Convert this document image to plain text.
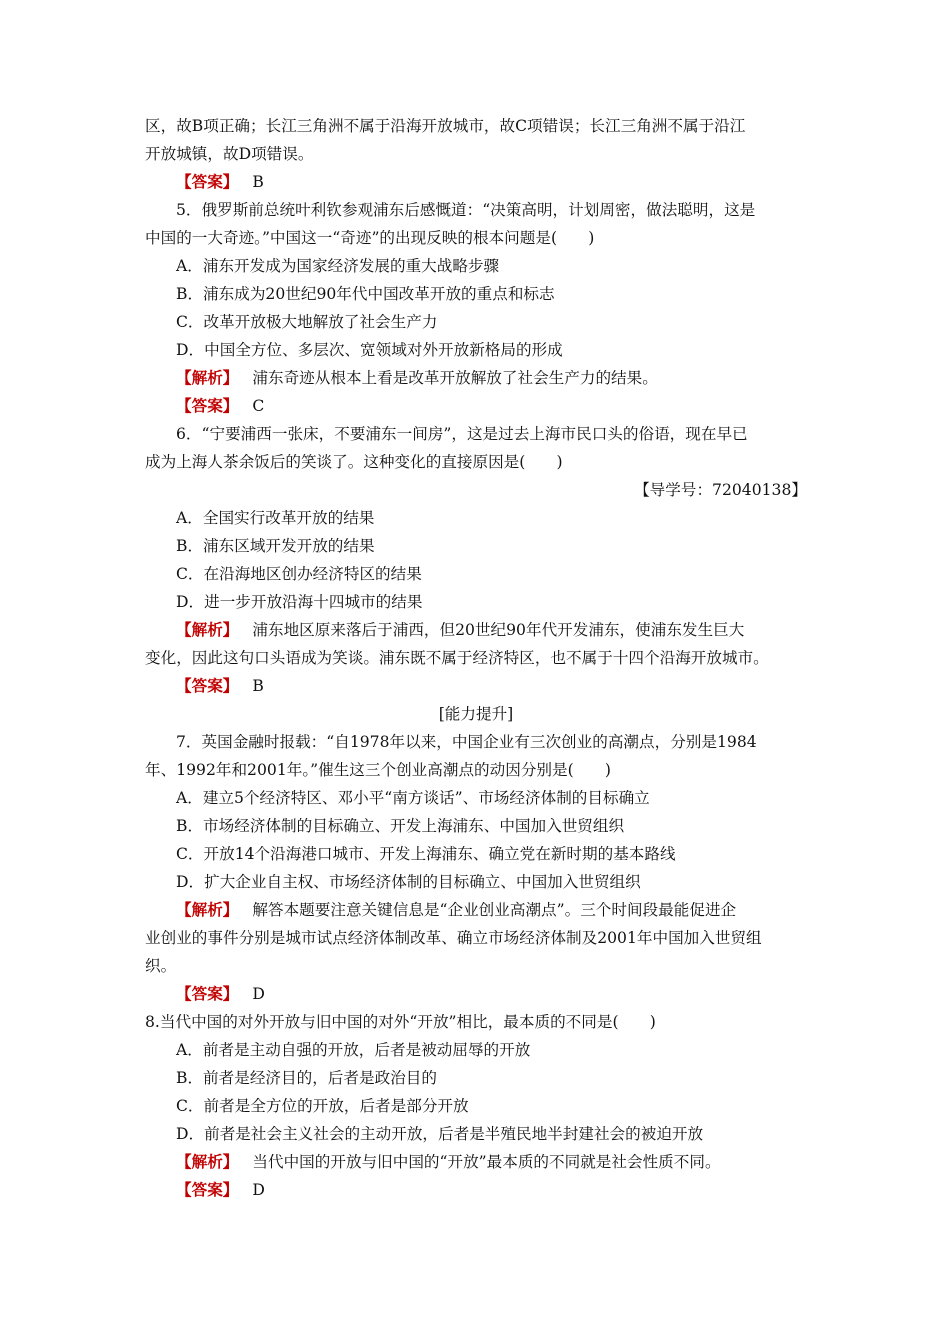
区，故B项正确；长江三角洲不属于沿海开放城市，故C项错误；长江三角洲不属于沿江
开放城镇，故D项错误。
【答案】 B
5．俄罗斯前总统叶利钦参观浦东后感慨道：“决策高明，计划周密，做法聪明，这是
中国的一大奇迹。”中国这一“奇迹”的出现反映的根本问题是(　　)
A．浦东开发成为国家经济发展的重大战略步骤
B．浦东成为20世纪90年代中国改革开放的重点和标志
C．改革开放极大地解放了社会生产力
D．中国全方位、多层次、宽领域对外开放新格局的形成
【解析】 浦东奇迹从根本上看是改革开放解放了社会生产力的结果。
【答案】 C
6．“宁要浦西一张床，不要浦东一间房”，这是过去上海市民口头的俗语，现在早已
成为上海人茶余饭后的笑谈了。这种变化的直接原因是(　　)
【导学号：72040138】
A．全国实行改革开放的结果
B．浦东区域开发开放的结果
C．在沿海地区创办经济特区的结果
D．进一步开放沿海十四城市的结果
【解析】 浦东地区原来落后于浦西，但20世纪90年代开发浦东，使浦东发生巨大
变化，因此这句口头语成为笑谈。浦东既不属于经济特区，也不属于十四个沿海开放城市。
【答案】 B
[能力提升]
7．英国金融时报载：“自1978年以来，中国企业有三次创业的高潮点，分别是1984
年、1992年和2001年。”催生这三个创业高潮点的动因分别是(　　)
A．建立5个经济特区、邓小平“南方谈话”、市场经济体制的目标确立
B．市场经济体制的目标确立、开发上海浦东、中国加入世贸组织
C．开放14个沿海港口城市、开发上海浦东、确立党在新时期的基本路线
D．扩大企业自主权、市场经济体制的目标确立、中国加入世贸组织
【解析】 解答本题要注意关键信息是“企业创业高潮点”。三个时间段最能促进企
业创业的事件分别是城市试点经济体制改革、确立市场经济体制及2001年中国加入世贸组
织。
【答案】 D
8.当代中国的对外开放与旧中国的对外“开放”相比，最本质的不同是(　　)
A．前者是主动自强的开放，后者是被动屈辱的开放
B．前者是经济目的，后者是政治目的
C．前者是全方位的开放，后者是部分开放
D．前者是社会主义社会的主动开放，后者是半殖民地半封建社会的被迫开放
【解析】 当代中国的开放与旧中国的“开放”最本质的不同就是社会性质不同。
【答案】 D
